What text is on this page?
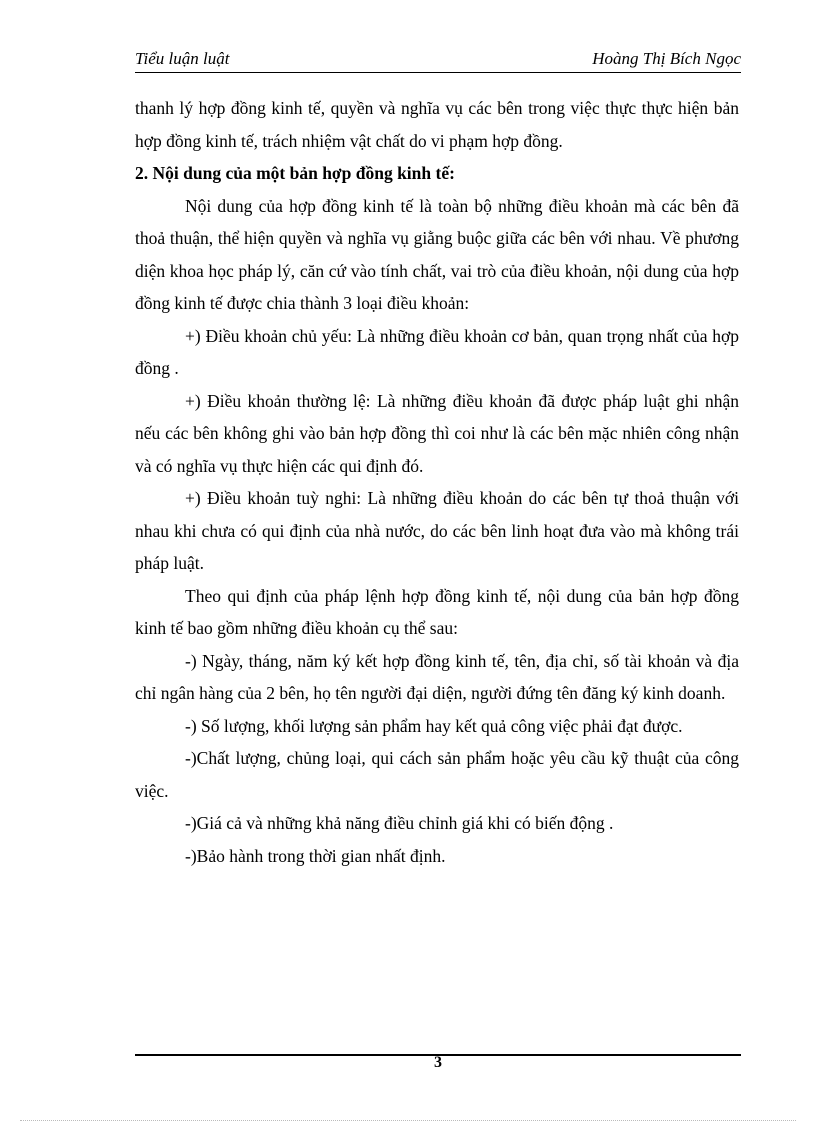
Tiểu luận luật	Hoàng Thị Bích Ngọc

thanh lý hợp đồng kinh tế, quyền và nghĩa vụ các bên trong việc thực thực hiện bản hợp đồng kinh tế, trách nhiệm vật chất do vi phạm hợp đồng.

2. Nội dung của một bản hợp đồng kinh tế:

Nội dung của hợp đồng kinh tế là toàn bộ những điều khoản mà các bên đã thoả thuận, thể hiện quyền và nghĩa vụ giằng buộc giữa các bên với nhau. Về phương diện khoa học pháp lý, căn cứ vào tính chất, vai trò của điều khoản, nội dung của hợp đồng kinh tế được chia thành 3 loại điều khoản:

+) Điều khoản chủ yếu: Là những điều khoản cơ bản, quan trọng nhất của hợp đồng .

+) Điều khoản thường lệ: Là những điều khoản đã được pháp luật ghi nhận nếu các bên không ghi vào bản hợp đồng thì coi như là các bên mặc nhiên công nhận và có nghĩa vụ thực hiện các qui định đó.

+) Điều khoản tuỳ nghi: Là những điều khoản do các bên tự thoả thuận với nhau khi chưa có qui định của nhà nước, do các bên linh hoạt đưa vào mà không trái pháp luật.

Theo qui định của pháp lệnh hợp đồng kinh tế, nội dung của bản hợp đồng kinh tế bao gồm những điều khoản cụ thể sau:

-) Ngày, tháng, năm ký kết hợp đồng kinh tế, tên, địa chỉ, số tài khoản và địa chỉ ngân hàng của 2 bên, họ tên người đại diện, người đứng tên đăng ký kinh doanh.

-) Số lượng, khối lượng sản phẩm hay kết quả công việc phải đạt được.

-)Chất lượng, chủng loại, qui cách sản phẩm hoặc yêu cầu kỹ thuật của công việc.

-)Giá cả và những khả năng điều chỉnh giá khi có biến động .

-)Bảo hành trong thời gian nhất định.

3
